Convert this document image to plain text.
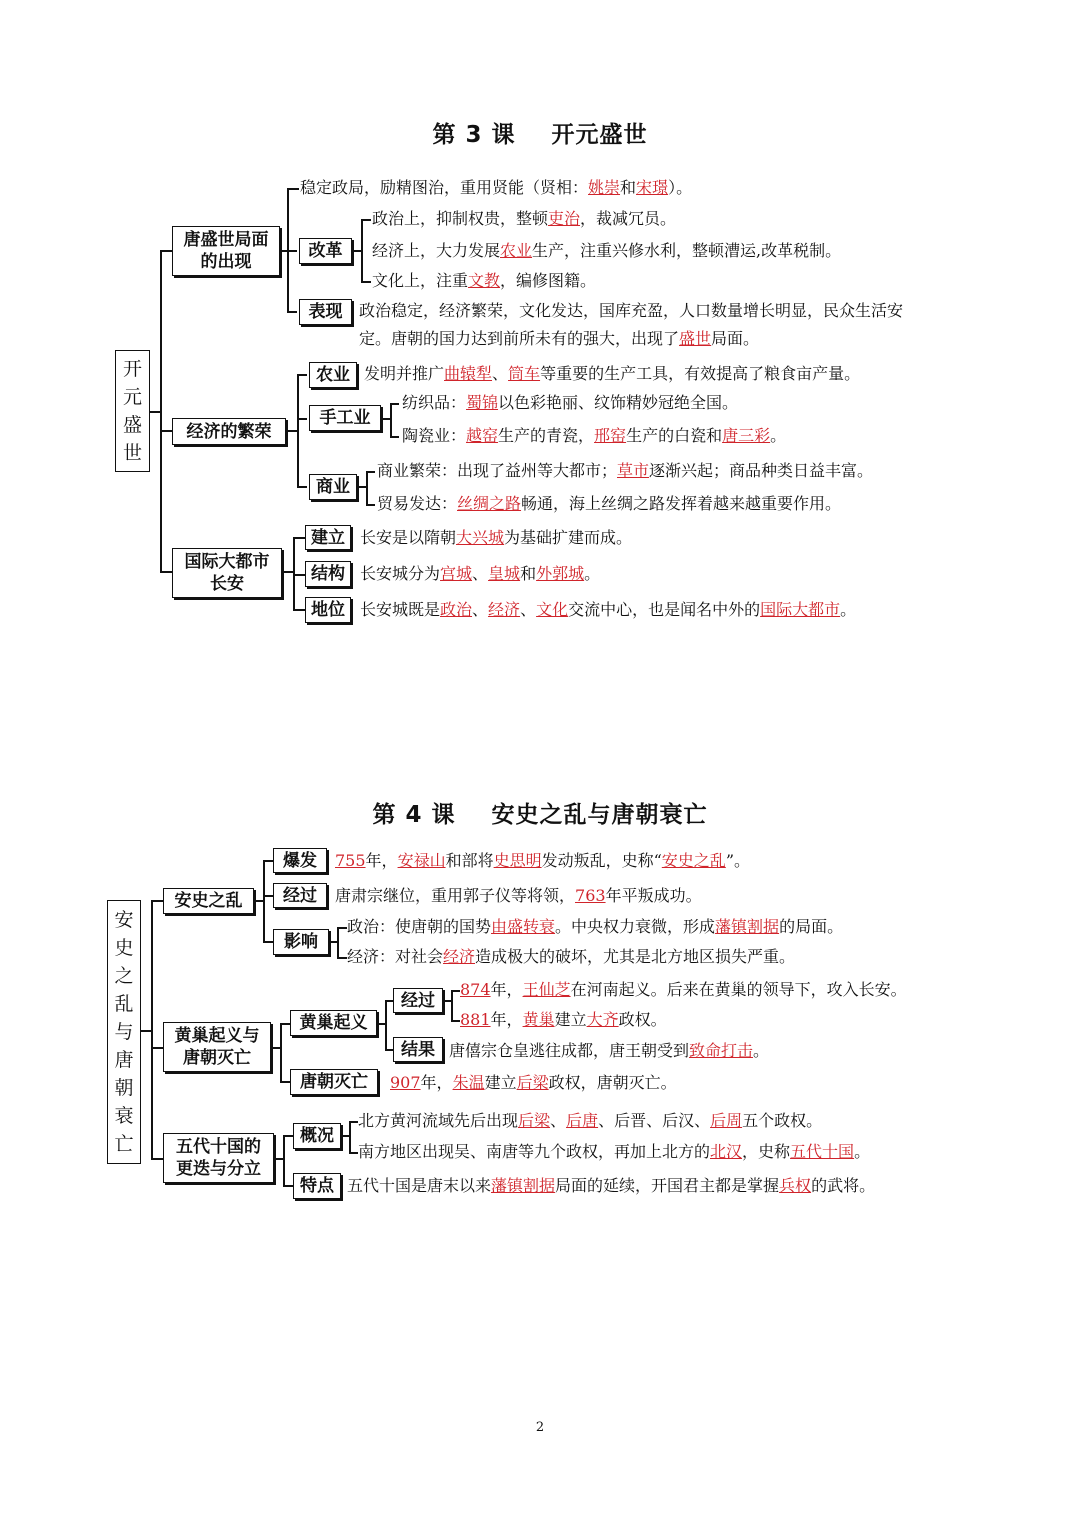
第 3 课 开元盛世
开
元
盛
世
唐盛世局面的出现
改革
表现
经济的繁荣
农业
手工业
商业
国际大都市长安
建立
结构
地位
稳定政局，励精图治，重用贤能（贤相：姚崇和宋璟）。
政治上，抑制权贵，整顿吏治，裁减冗员。
经济上，大力发展农业生产，注重兴修水利，整顿漕运,改革税制。
文化上，注重文教，编修图籍。
政治稳定，经济繁荣，文化发达，国库充盈，人口数量增长明显，民众生活安
定。唐朝的国力达到前所未有的强大，出现了盛世局面。
发明并推广曲辕犁、筒车等重要的生产工具，有效提高了粮食亩产量。
纺织品：蜀锦以色彩艳丽、纹饰精妙冠绝全国。
陶瓷业：越窑生产的青瓷，邢窑生产的白瓷和唐三彩。
商业繁荣：出现了益州等大都市；草市逐渐兴起；商品种类日益丰富。
贸易发达：丝绸之路畅通，海上丝绸之路发挥着越来越重要作用。
长安是以隋朝大兴城为基础扩建而成。
长安城分为宫城、皇城和外郭城。
长安城既是政治、经济、文化交流中心，也是闻名中外的国际大都市。
第 4 课 安史之乱与唐朝衰亡
安
史
之
乱
与
唐
朝
衰
亡
安史之乱
爆发
经过
影响
黄巢起义与唐朝灭亡
黄巢起义
经过
结果
唐朝灭亡
五代十国的更迭与分立
概况
特点
755年，安禄山和部将史思明发动叛乱，史称“安史之乱”。
唐肃宗继位，重用郭子仪等将领，763年平叛成功。
政治：使唐朝的国势由盛转衰。中央权力衰微，形成藩镇割据的局面。
经济：对社会经济造成极大的破坏，尤其是北方地区损失严重。
874年，王仙芝在河南起义。后来在黄巢的领导下，攻入长安。
881年，黄巢建立大齐政权。
唐僖宗仓皇逃往成都，唐王朝受到致命打击。
907年，朱温建立后梁政权，唐朝灭亡。
北方黄河流域先后出现后梁、后唐、后晋、后汉、后周五个政权。
南方地区出现吴、南唐等九个政权，再加上北方的北汉，史称五代十国。
五代十国是唐末以来藩镇割据局面的延续，开国君主都是掌握兵权的武将。
2
